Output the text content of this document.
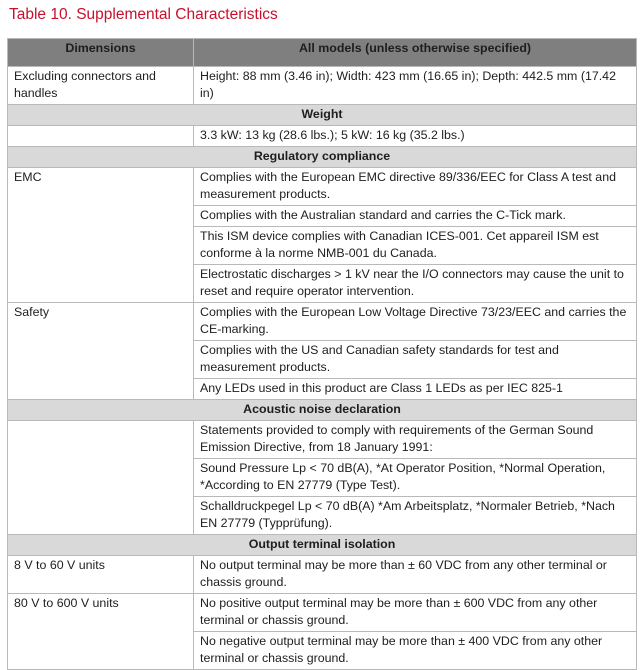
Table 10. Supplemental Characteristics
Dimensions	All models (unless otherwise specified)
Excluding connectors and handles	Height: 88 mm (3.46 in); Width: 423 mm (16.65 in); Depth: 442.5 mm (17.42 in)
Weight	
	3.3 kW: 13 kg (28.6 lbs.); 5 kW: 16 kg (35.2 lbs.)
Regulatory compliance	
EMC	Complies with the European EMC directive 89/336/EEC for Class A test and measurement products.
	Complies with the Australian standard and carries the C-Tick mark.
	This ISM device complies with Canadian ICES-001. Cet appareil ISM est conforme à la norme NMB-001 du Canada.
	Electrostatic discharges > 1 kV near the I/O connectors may cause the unit to reset and require operator intervention.
Safety	Complies with the European Low Voltage Directive 73/23/EEC and carries the CE-marking.
	Complies with the US and Canadian safety standards for test and measurement products.
	Any LEDs used in this product are Class 1 LEDs as per IEC 825-1
Acoustic noise declaration	
	Statements provided to comply with requirements of the German Sound Emission Directive, from 18 January 1991:
	Sound Pressure Lp < 70 dB(A), *At Operator Position, *Normal Operation, *According to EN 27779 (Type Test).
	Schalldruckpegel Lp < 70 dB(A) *Am Arbeitsplatz, *Normaler Betrieb, *Nach EN 27779 (Typprüfung).
Output terminal isolation	
8 V to 60 V units	No output terminal may be more than ± 60 VDC from any other terminal or chassis ground.
80 V to 600 V units	No positive output terminal may be more than ± 600 VDC from any other terminal or chassis ground.
	No negative output terminal may be more than ± 400 VDC from any other terminal or chassis ground.
